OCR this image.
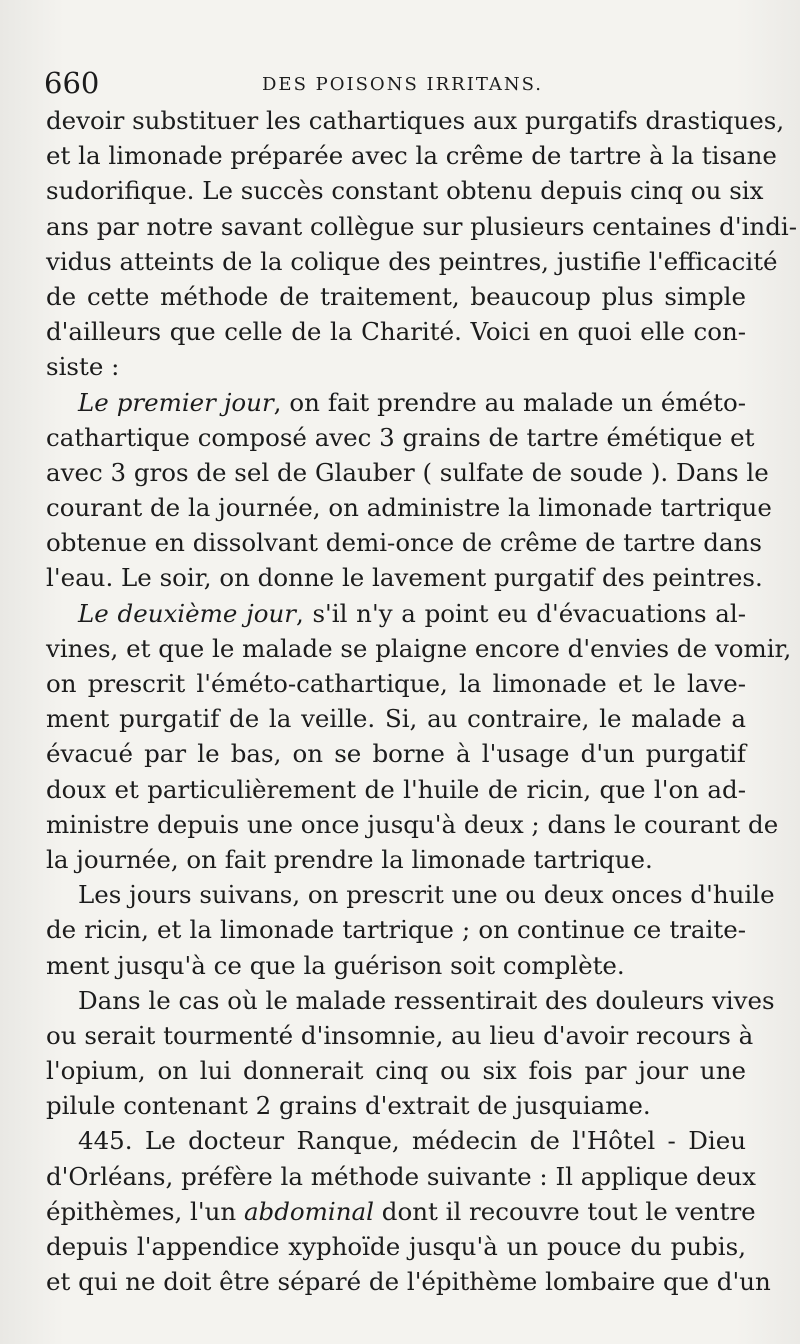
660	DES POISONS IRRITANS.
devoir substituer les cathartiques aux purgatifs drastiques,
et la limonade préparée avec la crême de tartre à la tisane
sudorifique. Le succès constant obtenu depuis cinq ou six
ans par notre savant collègue sur plusieurs centaines d'indi-
vidus atteints de la colique des peintres, justifie l'efficacité
de cette méthode de traitement, beaucoup plus simple
d'ailleurs que celle de la Charité. Voici en quoi elle con-
siste :
Le premier jour, on fait prendre au malade un éméto-
cathartique composé avec 3 grains de tartre émétique et
avec 3 gros de sel de Glauber ( sulfate de soude ). Dans le
courant de la journée, on administre la limonade tartrique
obtenue en dissolvant demi-once de crême de tartre dans
l'eau. Le soir, on donne le lavement purgatif des peintres.
Le deuxième jour, s'il n'y a point eu d'évacuations al-
vines, et que le malade se plaigne encore d'envies de vomir,
on prescrit l'éméto-cathartique, la limonade et le lave-
ment purgatif de la veille. Si, au contraire, le malade a
évacué par le bas, on se borne à l'usage d'un purgatif
doux et particulièrement de l'huile de ricin, que l'on ad-
ministre depuis une once jusqu'à deux ; dans le courant de
la journée, on fait prendre la limonade tartrique.
Les jours suivans, on prescrit une ou deux onces d'huile
de ricin, et la limonade tartrique ; on continue ce traite-
ment jusqu'à ce que la guérison soit complète.
Dans le cas où le malade ressentirait des douleurs vives
ou serait tourmenté d'insomnie, au lieu d'avoir recours à
l'opium, on lui donnerait cinq ou six fois par jour une
pilule contenant 2 grains d'extrait de jusquiame.
445. Le docteur Ranque, médecin de l'Hôtel - Dieu
d'Orléans, préfère la méthode suivante : Il applique deux
épithèmes, l'un abdominal dont il recouvre tout le ventre
depuis l'appendice xyphoïde jusqu'à un pouce du pubis,
et qui ne doit être séparé de l'épithème lombaire que d'un
